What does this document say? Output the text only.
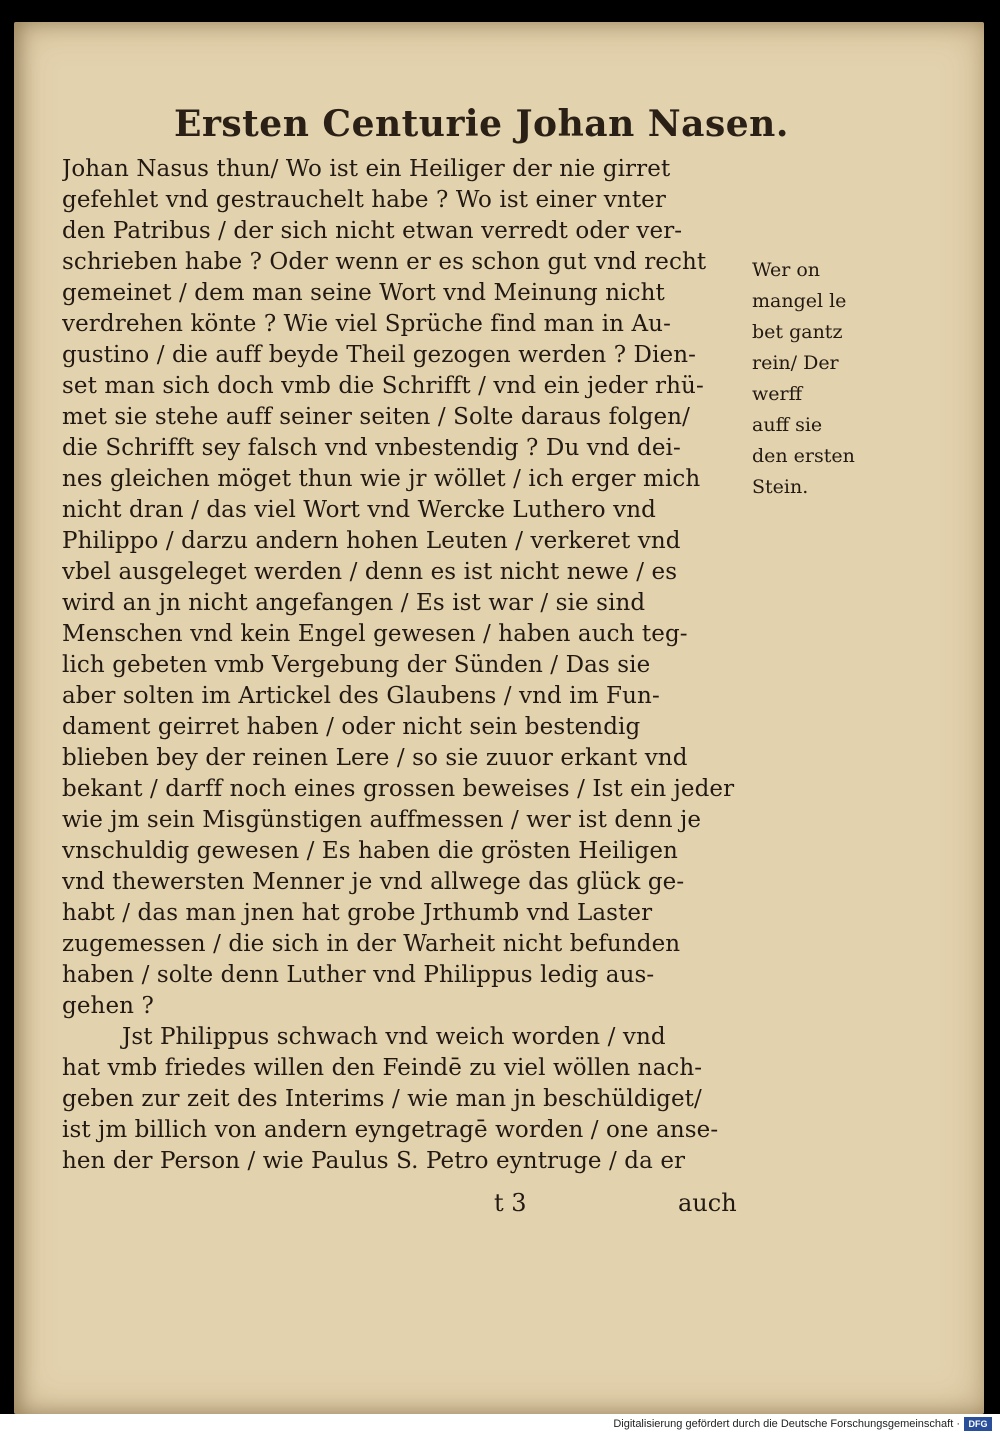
Ersten Centurie Johan Nasen.
Johan Nasus thun/ Wo ist ein Heiliger der nie girret
gefehlet vnd gestrauchelt habe ? Wo ist einer vnter
den Patribus / der sich nicht etwan verredt oder ver-
schrieben habe ? Oder wenn er es schon gut vnd recht
gemeinet / dem man seine Wort vnd Meinung nicht
verdrehen könte ? Wie viel Sprüche find man in Au-
gustino / die auff beyde Theil gezogen werden ? Dien-
set man sich doch vmb die Schrifft / vnd ein jeder rhü-
met sie stehe auff seiner seiten / Solte daraus folgen/
die Schrifft sey falsch vnd vnbestendig ? Du vnd dei-
nes gleichen möget thun wie jr wöllet / ich erger mich
nicht dran / das viel Wort vnd Wercke Luthero vnd
Philippo / darzu andern hohen Leuten / verkeret vnd
vbel ausgeleget werden / denn es ist nicht newe / es
wird an jn nicht angefangen / Es ist war / sie sind
Menschen vnd kein Engel gewesen / haben auch teg-
lich gebeten vmb Vergebung der Sünden / Das sie
aber solten im Artickel des Glaubens / vnd im Fun-
dament geirret haben / oder nicht sein bestendig
blieben bey der reinen Lere / so sie zuuor erkant vnd
bekant / darff noch eines grossen beweises / Ist ein jeder
wie jm sein Misgünstigen auffmessen / wer ist denn je
vnschuldig gewesen / Es haben die grösten Heiligen
vnd thewersten Menner je vnd allwege das glück ge-
habt / das man jnen hat grobe Jrthumb vnd Laster
zugemessen / die sich in der Warheit nicht befunden
haben / solte denn Luther vnd Philippus ledig aus-
gehen ?
Jst Philippus schwach vnd weich worden / vnd
hat vmb friedes willen den Feindē zu viel wöllen nach-
geben zur zeit des Interims / wie man jn beschüldiget/
ist jm billich von andern eyngetragē worden / one anse-
hen der Person / wie Paulus S. Petro eyntruge / da er
Wer on
mangel le
bet gantz
rein/ Der
werff
auff sie
den ersten
Stein.
t 3	auch
Digitalisierung gefördert durch die Deutsche Forschungsgemeinschaft · DFG
